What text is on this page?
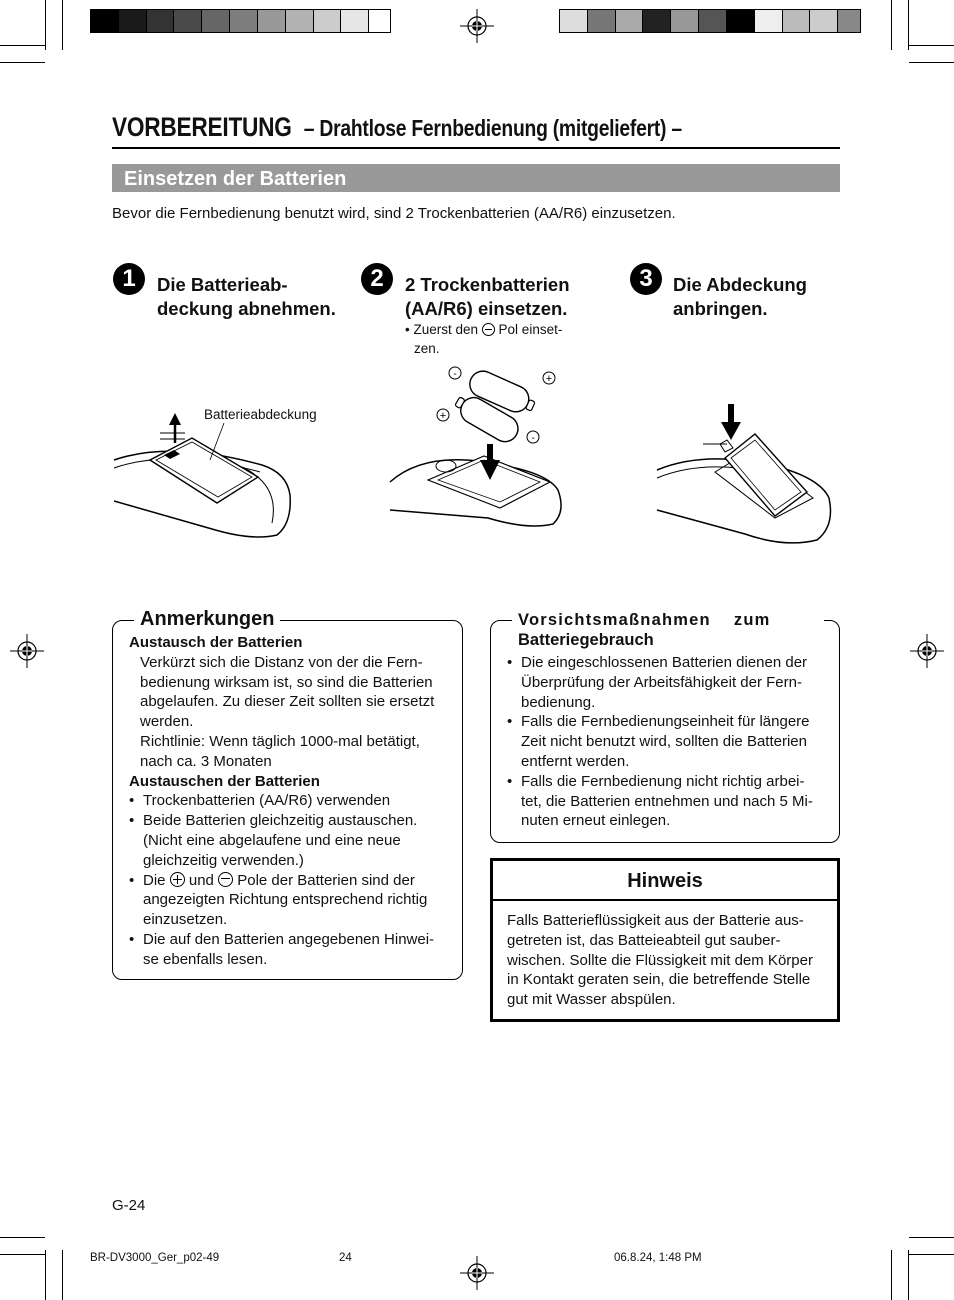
VORBEREITUNG – Drahtlose Fernbedienung (mitgeliefert) –
Einsetzen der Batterien
Bevor die Fernbedienung benutzt wird, sind 2 Trockenbatterien (AA/R6) einzusetzen.
1	Die Batterieab-
deckung abnehmen.
2	2 Trockenbatterien
(AA/R6) einsetzen.
• Zuerst den Pol einset-
zen.
3	Die Abdeckung
anbringen.
Batterieabdeckung
-	+
+
-
Anmerkungen
Austausch der Batterien
Verkürzt sich die Distanz von der die Fern-
bedienung wirksam ist, so sind die Batterien
abgelaufen. Zu dieser Zeit sollten sie ersetzt
werden.
Richtlinie: Wenn täglich 1000-mal betätigt,
nach ca. 3 Monaten
Austauschen der Batterien
• Trockenbatterien (AA/R6) verwenden
• Beide Batterien gleichzeitig austauschen.
(Nicht eine abgelaufene und eine neue
gleichzeitig verwenden.)
• Die und Pole der Batterien sind der
angezeigten Richtung entsprechend richtig
einzusetzen.
• Die auf den Batterien angegebenen Hinwei-
se ebenfalls lesen.
Vorsichtsmaßnahmen    zum
Batteriegebrauch
• Die eingeschlossenen Batterien dienen der
Überprüfung der Arbeitsfähigkeit der Fern-
bedienung.
• Falls die Fernbedienungseinheit für längere
Zeit nicht benutzt wird, sollten die Batterien
entfernt werden.
• Falls die Fernbedienung nicht richtig arbei-
tet, die Batterien entnehmen und nach 5 Mi-
nuten erneut einlegen.
Hinweis
Falls Batterieflüssigkeit aus der Batterie aus-
getreten ist, das Batteieabteil gut sauber-
wischen. Sollte die Flüssigkeit mit dem Körper
in Kontakt geraten sein, die betreffende Stelle
gut mit Wasser abspülen.
G-24
BR-DV3000_Ger_p02-49	24	06.8.24, 1:48 PM
